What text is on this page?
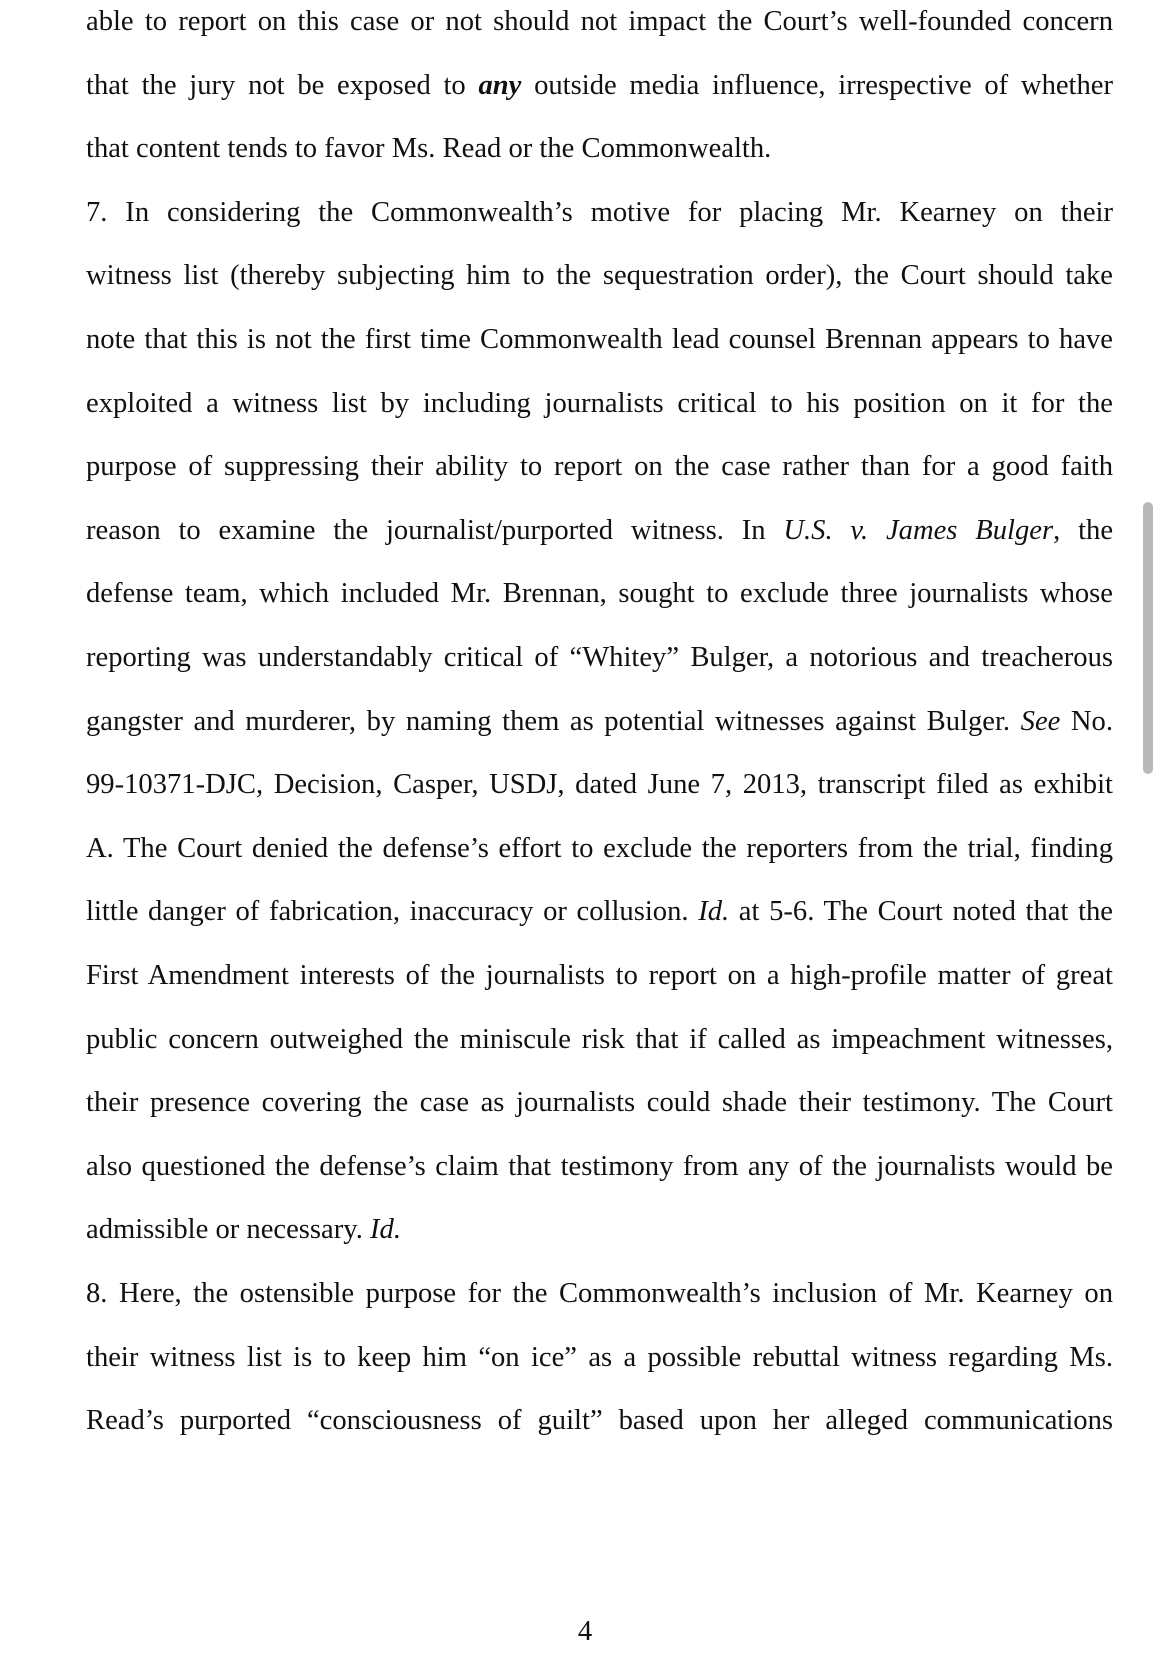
able to report on this case or not should not impact the Court’s well-founded concern
that the jury not be exposed to any outside media influence, irrespective of whether
that content tends to favor Ms. Read or the Commonwealth.
7. In considering the Commonwealth’s motive for placing Mr. Kearney on their
witness list (thereby subjecting him to the sequestration order), the Court should take
note that this is not the first time Commonwealth lead counsel Brennan appears to have
exploited a witness list by including journalists critical to his position on it for the
purpose of suppressing their ability to report on the case rather than for a good faith
reason to examine the journalist/purported witness. In U.S. v. James Bulger, the
defense team, which included Mr. Brennan, sought to exclude three journalists whose
reporting was understandably critical of “Whitey” Bulger, a notorious and treacherous
gangster and murderer, by naming them as potential witnesses against Bulger. See No.
99-10371-DJC, Decision, Casper, USDJ, dated June 7, 2013, transcript filed as exhibit
A. The Court denied the defense’s effort to exclude the reporters from the trial, finding
little danger of fabrication, inaccuracy or collusion. Id. at 5-6. The Court noted that the
First Amendment interests of the journalists to report on a high-profile matter of great
public concern outweighed the miniscule risk that if called as impeachment witnesses,
their presence covering the case as journalists could shade their testimony. The Court
also questioned the defense’s claim that testimony from any of the journalists would be
admissible or necessary. Id.
8. Here, the ostensible purpose for the Commonwealth’s inclusion of Mr. Kearney on
their witness list is to keep him “on ice” as a possible rebuttal witness regarding Ms.
Read’s purported “consciousness of guilt” based upon her alleged communications
4
